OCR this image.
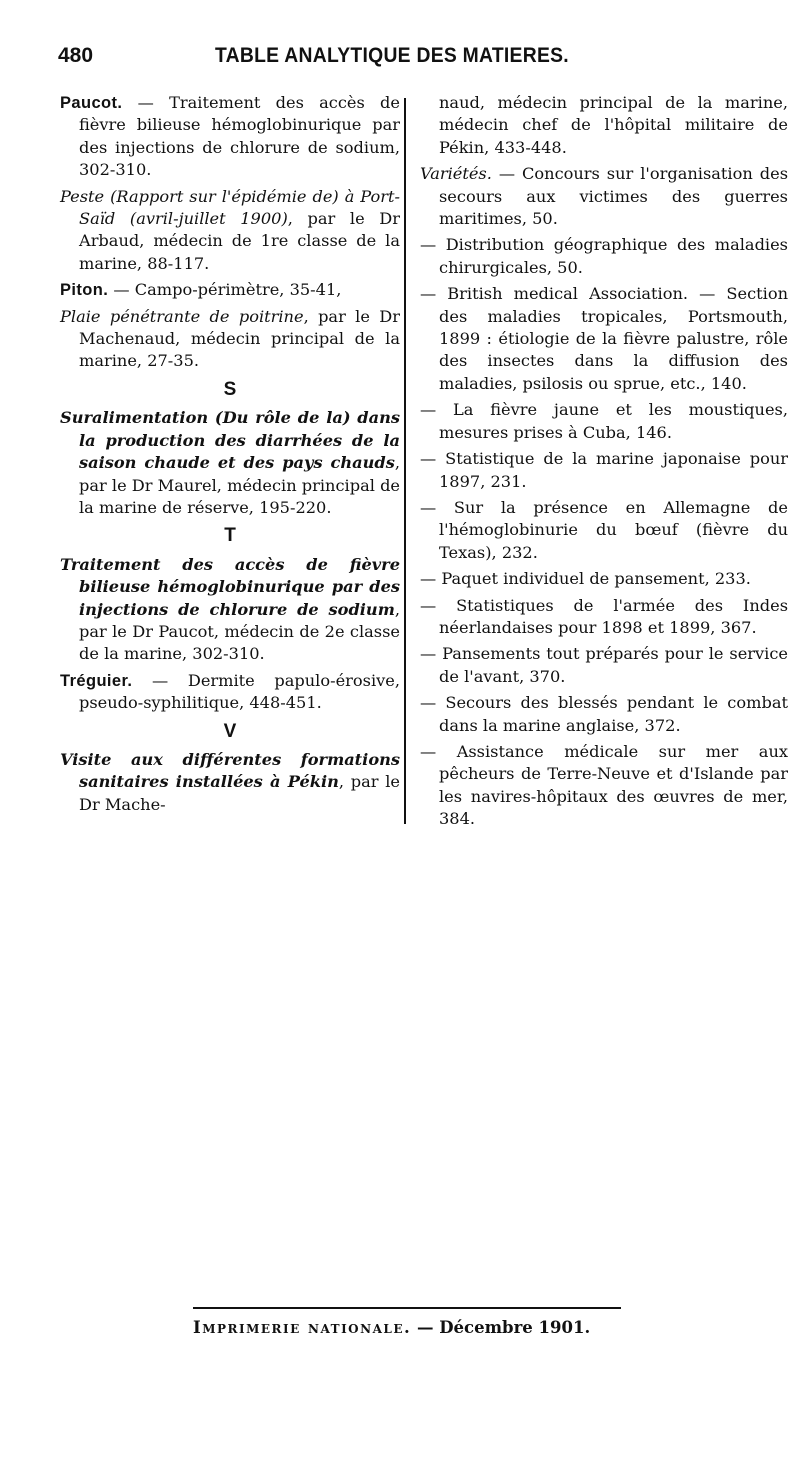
480	TABLE ANALYTIQUE DES MATIERES.

Paucot. — Traitement des accès de fièvre bilieuse hémoglobinurique par des injections de chlorure de sodium, 302-310.

Peste (Rapport sur l'épidémie de) à Port-Saïd (avril-juillet 1900), par le Dr Arbaud, médecin de 1re classe de la marine, 88-117.

Piton. — Campo-périmètre, 35-41,

Plaie pénétrante de poitrine, par le Dr Machenaud, médecin principal de la marine, 27-35.

S

Suralimentation (Du rôle de la) dans la production des diarrhées de la saison chaude et des pays chauds, par le Dr Maurel, médecin principal de la marine de réserve, 195-220.

T

Traitement des accès de fièvre bilieuse hémoglobinurique par des injections de chlorure de sodium, par le Dr Paucot, médecin de 2e classe de la marine, 302-310.

Tréguier. — Dermite papulo-érosive, pseudo-syphilitique, 448-451.

V

Visite aux différentes formations sanitaires installées à Pékin, par le Dr Mache-

naud, médecin principal de la marine, médecin chef de l'hôpital militaire de Pékin, 433-448.

Variétés. — Concours sur l'organisation des secours aux victimes des guerres maritimes, 50.

— Distribution géographique des maladies chirurgicales, 50.

— British medical Association. — Section des maladies tropicales, Portsmouth, 1899 : étiologie de la fièvre palustre, rôle des insectes dans la diffusion des maladies, psilosis ou sprue, etc., 140.

— La fièvre jaune et les moustiques, mesures prises à Cuba, 146.

— Statistique de la marine japonaise pour 1897, 231.

— Sur la présence en Allemagne de l'hémoglobinurie du bœuf (fièvre du Texas), 232.

— Paquet individuel de pansement, 233.

— Statistiques de l'armée des Indes néerlandaises pour 1898 et 1899, 367.

— Pansements tout préparés pour le service de l'avant, 370.

— Secours des blessés pendant le combat dans la marine anglaise, 372.

— Assistance médicale sur mer aux pêcheurs de Terre-Neuve et d'Islande par les navires-hôpitaux des œuvres de mer, 384.

Imprimerie nationale. — Décembre 1901.
